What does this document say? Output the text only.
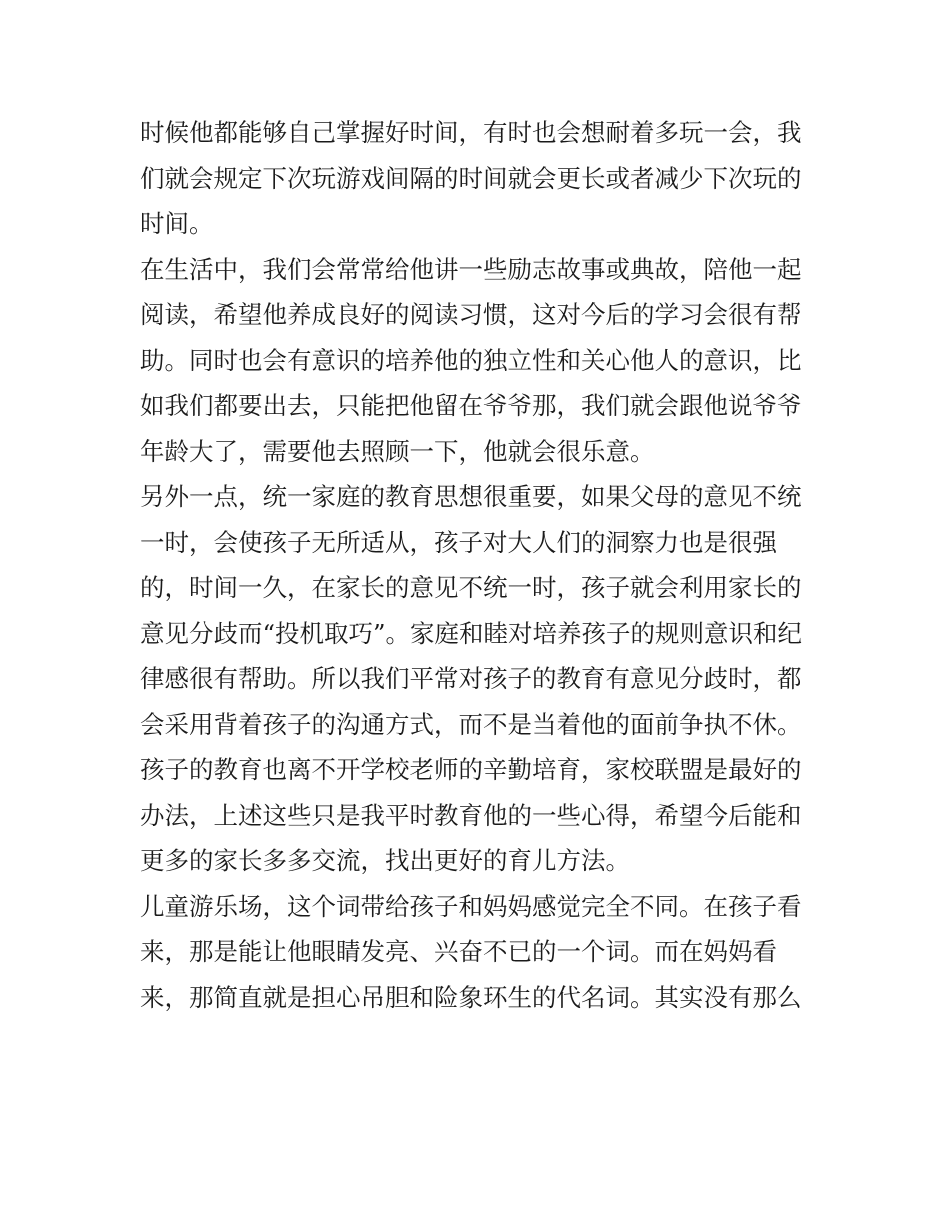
时候他都能够自己掌握好时间，有时也会想耐着多玩一会，我
们就会规定下次玩游戏间隔的时间就会更长或者减少下次玩的
时间。
在生活中，我们会常常给他讲一些励志故事或典故，陪他一起
阅读，希望他养成良好的阅读习惯，这对今后的学习会很有帮
助。同时也会有意识的培养他的独立性和关心他人的意识，比
如我们都要出去，只能把他留在爷爷那，我们就会跟他说爷爷
年龄大了，需要他去照顾一下，他就会很乐意。
另外一点，统一家庭的教育思想很重要，如果父母的意见不统
一时，会使孩子无所适从，孩子对大人们的洞察力也是很强
的，时间一久，在家长的意见不统一时，孩子就会利用家长的
意见分歧而“投机取巧”。家庭和睦对培养孩子的规则意识和纪
律感很有帮助。所以我们平常对孩子的教育有意见分歧时，都
会采用背着孩子的沟通方式，而不是当着他的面前争执不休。
孩子的教育也离不开学校老师的辛勤培育，家校联盟是最好的
办法，上述这些只是我平时教育他的一些心得，希望今后能和
更多的家长多多交流，找出更好的育儿方法。
儿童游乐场，这个词带给孩子和妈妈感觉完全不同。在孩子看
来，那是能让他眼睛发亮、兴奋不已的一个词。而在妈妈看
来，那简直就是担心吊胆和险象环生的代名词。其实没有那么
